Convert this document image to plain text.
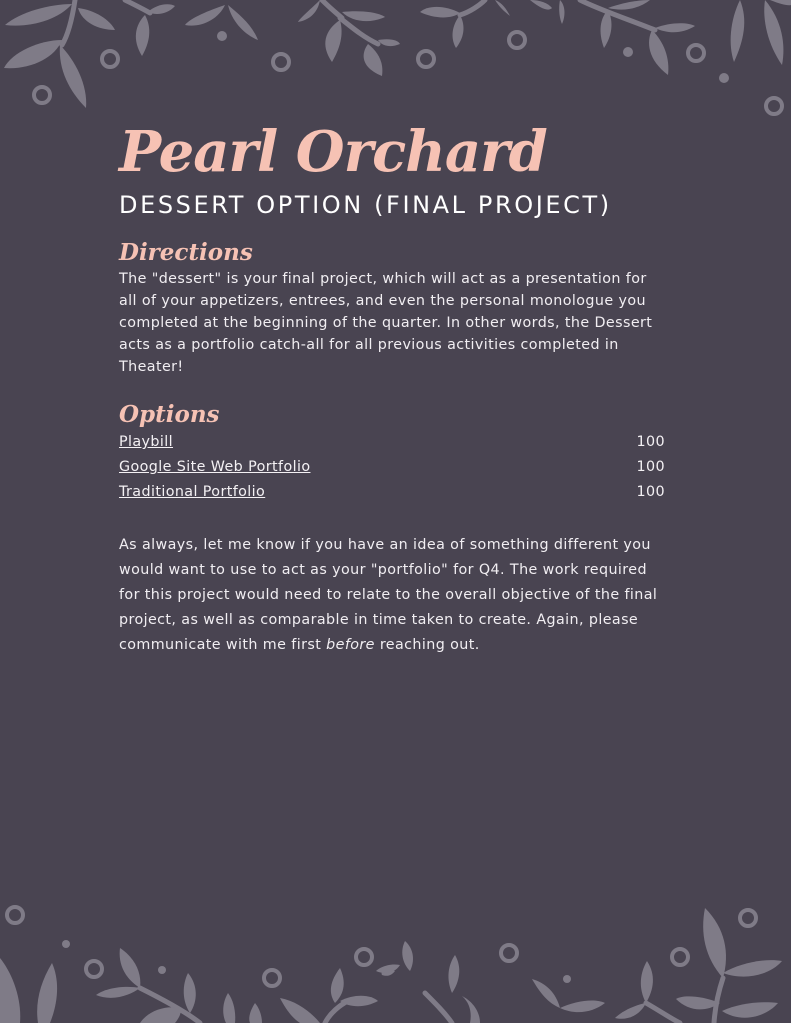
Pearl Orchard
DESSERT OPTION (FINAL PROJECT)
Directions

The "dessert" is your final project, which will act as a presentation for all of your appetizers, entrees, and even the personal monologue you completed at the beginning of the quarter. In other words, the Dessert acts as a portfolio catch-all for all previous activities completed in Theater!

Options
Playbill	100
Google Site Web Portfolio	100
Traditional Portfolio	100

As always, let me know if you have an idea of something different you would want to use to act as your "portfolio" for Q4. The work required for this project would need to relate to the overall objective of the final project, as well as comparable in time taken to create. Again, please communicate with me first before reaching out.
